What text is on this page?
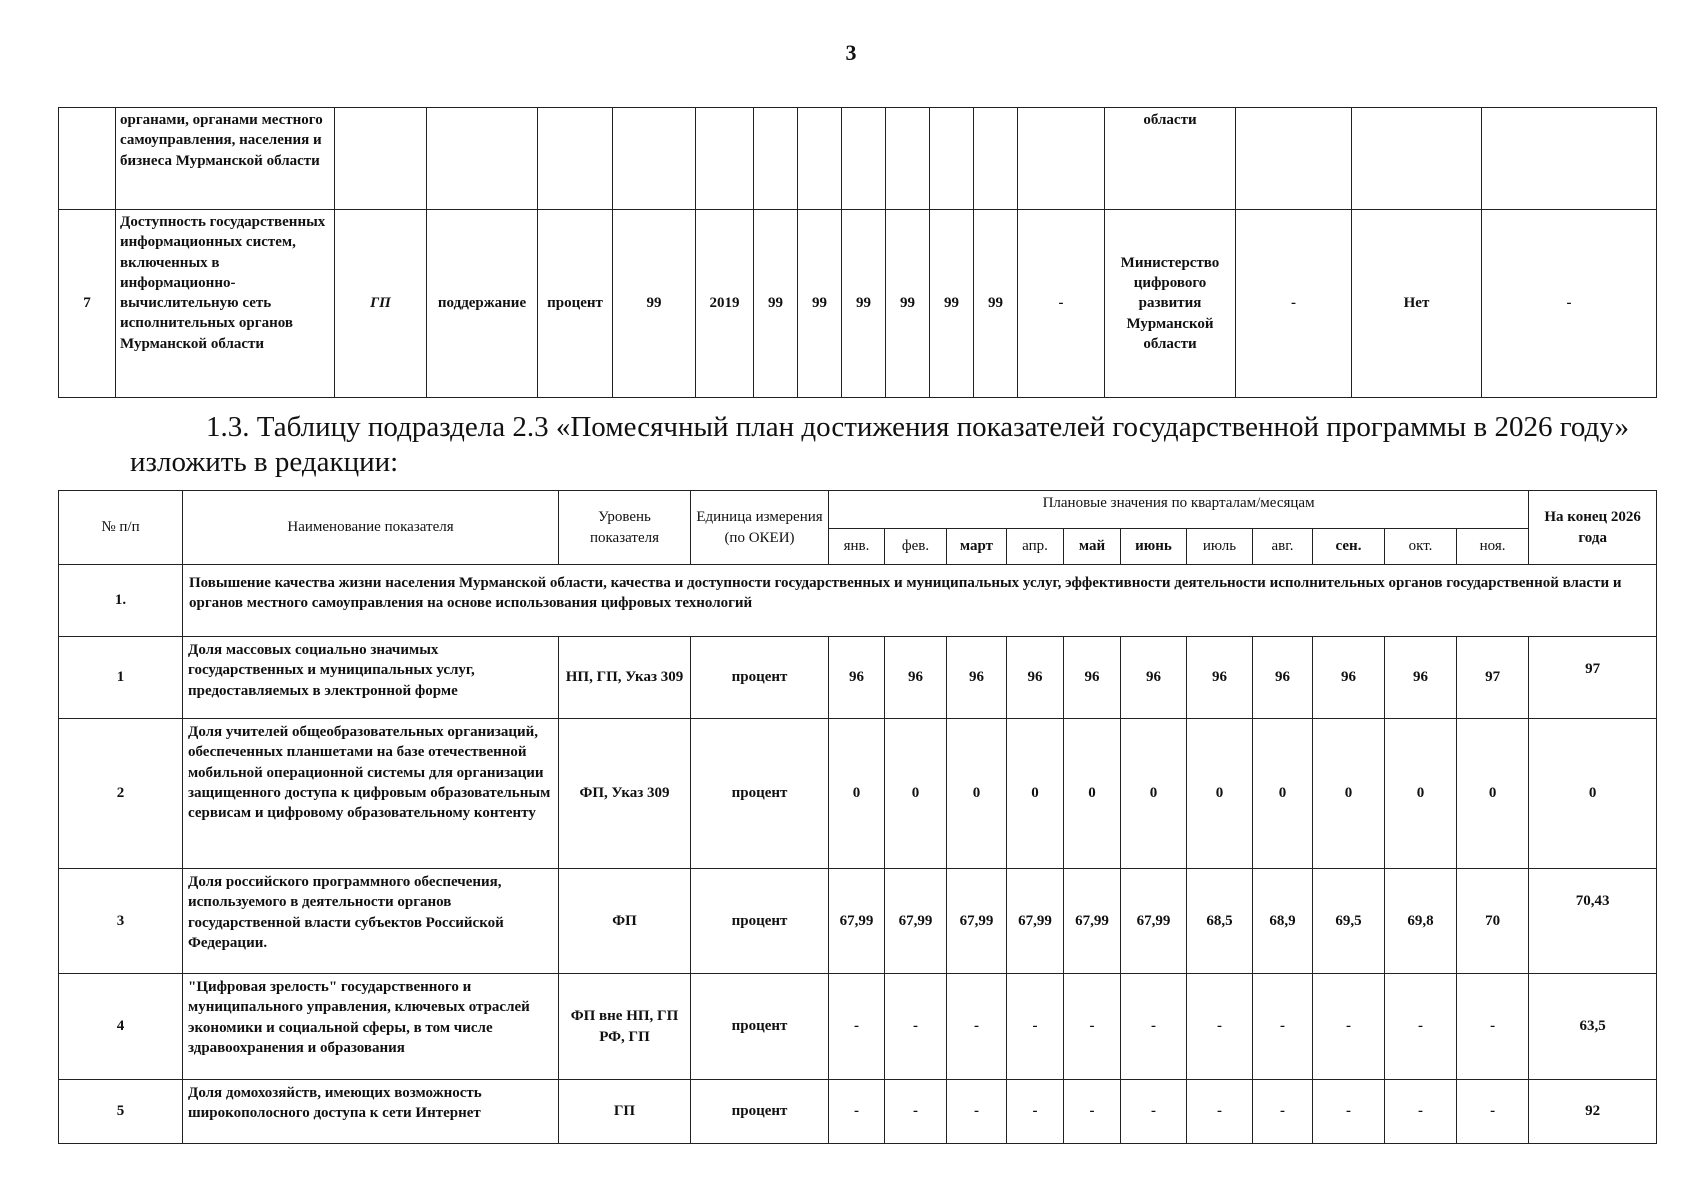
3
	органами, органами местного самоуправления, населения и бизнеса Мурманской области													области			
7	Доступность государственных информационных систем, включенных в информационно-вычислительную сеть исполнительных органов Мурманской области	ГП	поддержание	процент	99	2019	99	99	99	99	99	99	-	Министерство цифрового развития Мурманской области	-	Нет	-
1.3. Таблицу подраздела 2.3 «Помесячный план достижения показателей государственной программы в 2026 году» изложить в редакции:
№ п/п	Наименование показателя	Уровень показателя	Единица измерения (по ОКЕИ)	Плановые значения по кварталам/месяцам											На конец 2026 года
				янв.	фев.	март	апр.	май	июнь	июль	авг.	сен.	окт.	ноя.	
1.	Повышение качества жизни населения Мурманской области, качества и доступности государственных и муниципальных услуг, эффективности деятельности исполнительных органов государственной власти и органов местного самоуправления на основе использования цифровых технологий														
1	Доля массовых социально значимых государственных и муниципальных услуг, предоставляемых в электронной форме	НП, ГП, Указ 309	процент	96	96	96	96	96	96	96	96	96	96	97	97
2	Доля учителей общеобразовательных организаций, обеспеченных планшетами на базе отечественной мобильной операционной системы для организации защищенного доступа к цифровым образовательным сервисам и цифровому образовательному контенту	ФП, Указ 309	процент	0	0	0	0	0	0	0	0	0	0	0	0
3	Доля российского программного обеспечения, используемого в деятельности органов государственной власти субъектов Российской Федерации.	ФП	процент	67,99	67,99	67,99	67,99	67,99	67,99	68,5	68,9	69,5	69,8	70	70,43
4	"Цифровая зрелость" государственного и муниципального управления, ключевых отраслей экономики и социальной сферы, в том числе здравоохранения и образования	ФП вне НП, ГП РФ, ГП	процент	-	-	-	-	-	-	-	-	-	-	-	63,5
5	Доля домохозяйств, имеющих возможность широкополосного доступа к сети Интернет	ГП	процент	-	-	-	-	-	-	-	-	-	-	-	92
